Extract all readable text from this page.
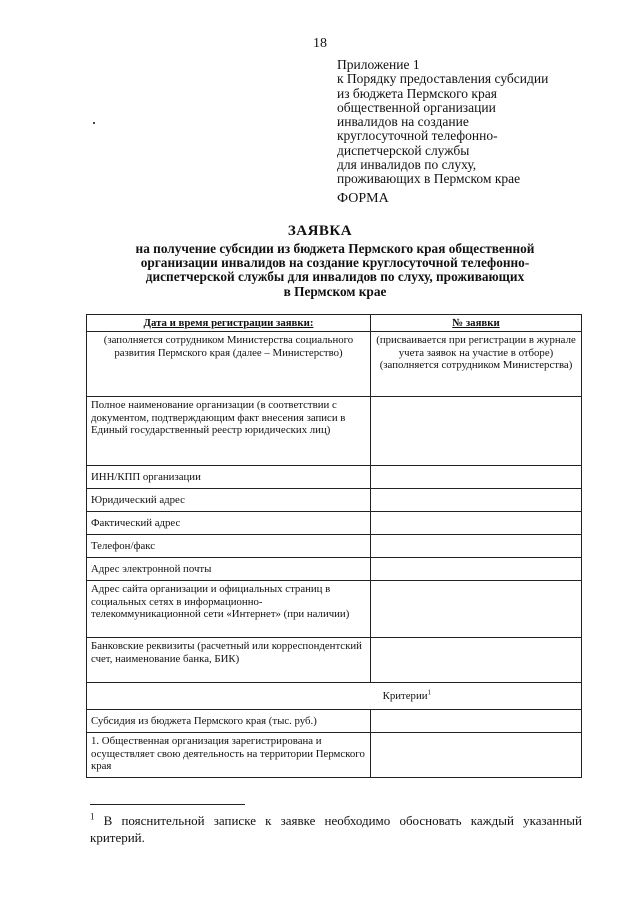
18
Приложение 1
к Порядку предоставления субсидии
из бюджета Пермского края
общественной организации
инвалидов на создание
круглосуточной телефонно-
диспетчерской службы
для инвалидов по слуху,
проживающих в Пермском крае
ФОРМА
ЗАЯВКА
на получение субсидии из бюджета Пермского края общественной
организации инвалидов на создание круглосуточной телефонно-
диспетчерской службы для инвалидов по слуху, проживающих
в Пермском крае
Дата и время регистрации заявки:	№ заявки
(заполняется сотрудником Министерства социального развития Пермского края (далее – Министерство)	(присваивается при регистрации в журнале учета заявок на участие в отборе) (заполняется сотрудником Министерства)
Полное наименование организации (в соответствии с документом, подтверждающим факт внесения записи в Единый государственный реестр юридических лиц)	
ИНН/КПП организации	
Юридический адрес	
Фактический адрес	
Телефон/факс	
Адрес электронной почты	
Адрес сайта организации и официальных страниц в социальных сетях в информационно-телекоммуникационной сети «Интернет» (при наличии)	
Банковские реквизиты (расчетный или корреспондентский счет, наименование банка, БИК)	
Критерии$^1$
Субсидия из бюджета Пермского края (тыс. руб.)	
1. Общественная организация зарегистрирована и осуществляет свою деятельность на территории Пермского края	
$^1$ В пояснительной записке к заявке необходимо обосновать каждый указанный критерий.
